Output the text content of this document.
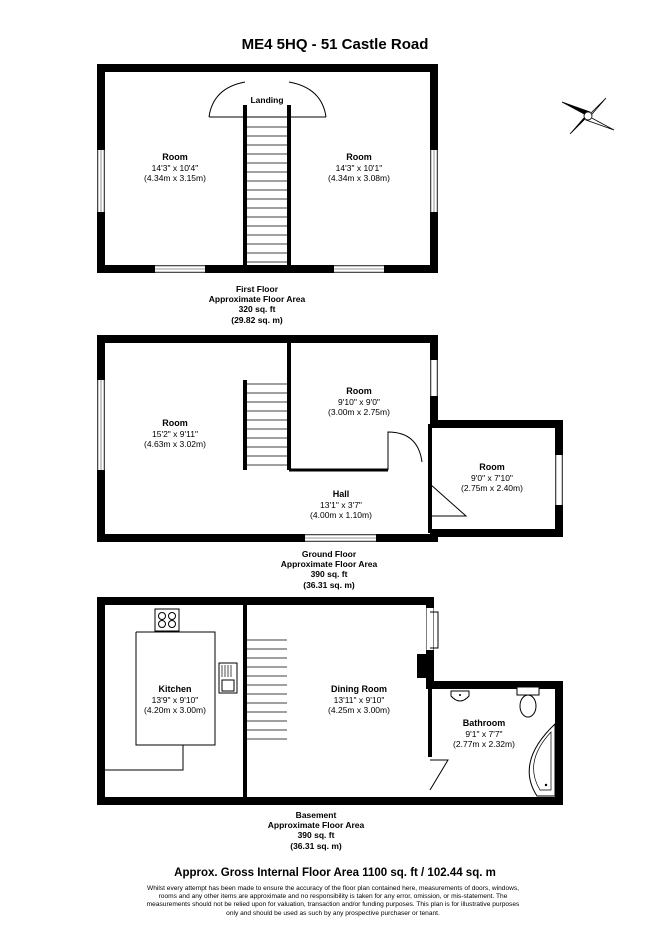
ME4 5HQ - 51 Castle Road
Landing
Room
14'3" x 10'4"
(4.34m x 3.15m)
Room
14'3" x 10'1"
(4.34m x 3.08m)
First Floor
Approximate Floor Area
320 sq. ft
(29.82 sq. m)
Room
15'2" x 9'11"
(4.63m x 3.02m)
Room
9'10" x 9'0"
(3.00m x 2.75m)
Room
9'0" x 7'10"
(2.75m x 2.40m)
Hall
13'1" x 3'7"
(4.00m x 1.10m)
Ground Floor
Approximate Floor Area
390 sq. ft
(36.31 sq. m)
Kitchen
13'9" x 9'10"
(4.20m x 3.00m)
Dining Room
13'11" x 9'10"
(4.25m x 3.00m)
Bathroom
9'1" x 7'7"
(2.77m x 2.32m)
Basement
Approximate Floor Area
390 sq. ft
(36.31 sq. m)
Approx. Gross Internal Floor Area 1100 sq. ft / 102.44 sq. m
Whilst every attempt has been made to ensure the accuracy of the floor plan contained here, measurements of doors, windows,
rooms and any other items are approximate and no responsibility is taken for any error, omission, or mis-statement. The
measurements should not be relied upon for valuation, transaction and/or funding purposes. This plan is for illustrative purposes
only and should be used as such by any prospective purchaser or tenant.
